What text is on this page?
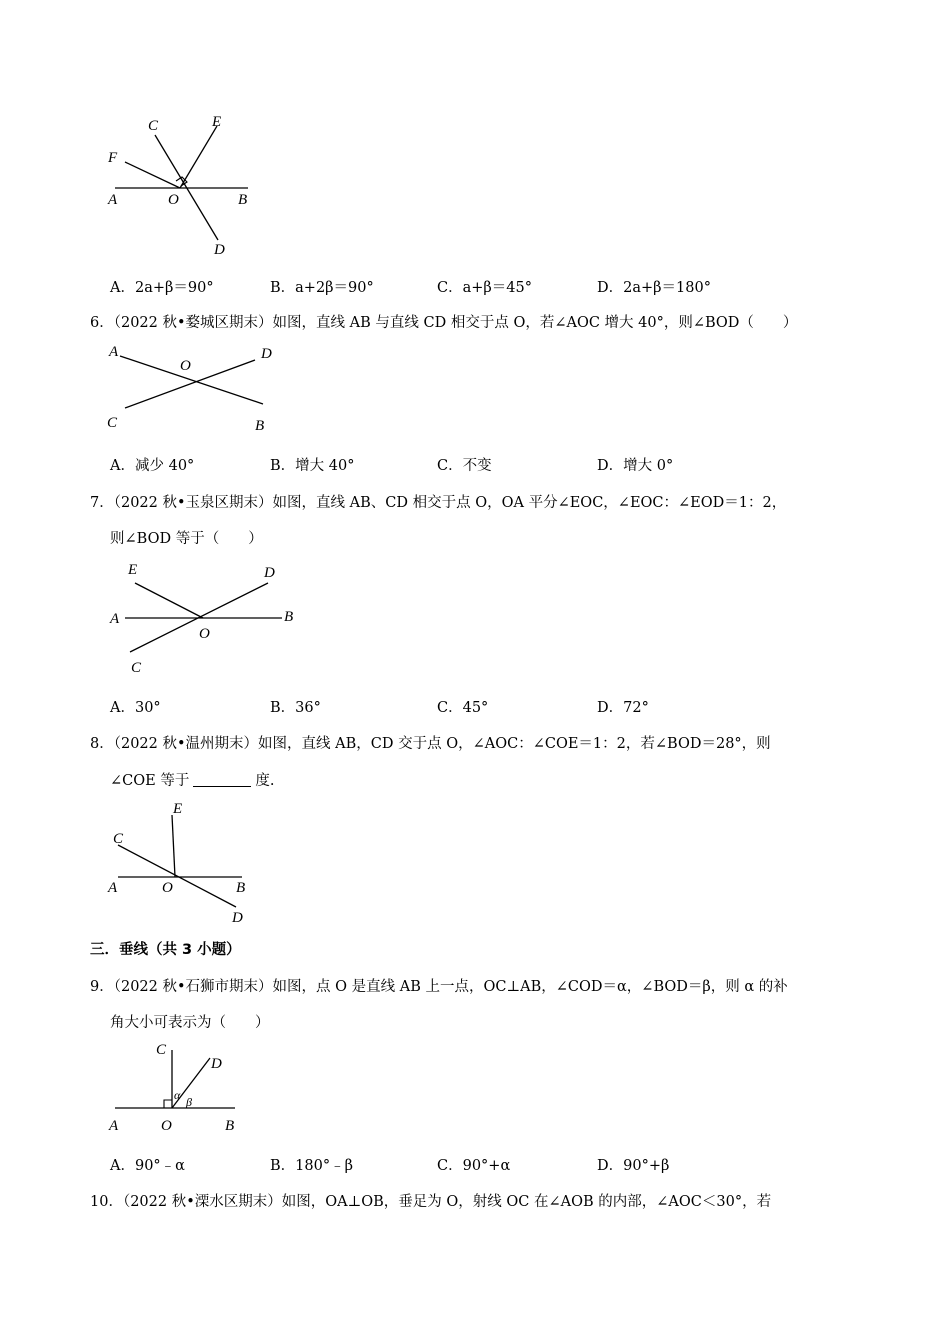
C	E
F
A	O	B
D
A．2a+β＝90°	B．a+2β＝90°	C．a+β＝45°	D．2a+β＝180°
6．（2022 秋•婺城区期末）如图，直线 AB 与直线 CD 相交于点 O，若∠AOC 增大 40°，则∠BOD（　　）
A
O
D
C	B
A．减少 40°	B．增大 40°	C．不变	D．增大 0°
7．（2022 秋•玉泉区期末）如图，直线 AB、CD 相交于点 O，OA 平分∠EOC，∠EOC：∠EOD＝1：2，
则∠BOD 等于（　　）
E	D
A	B
O
C
A．30°	B．36°	C．45°	D．72°
8．（2022 秋•温州期末）如图，直线 AB，CD 交于点 O，∠AOC：∠COE＝1：2，若∠BOD＝28°，则
∠COE 等于	度.
E
C
A	O	B
D
三．垂线（共 3 小题）
9．（2022 秋•石狮市期末）如图，点 O 是直线 AB 上一点，OC⊥AB，∠COD＝α，∠BOD＝β，则 α 的补
角大小可表示为（　　）
C
D
α β
A	O	B
A．90°﹣α	B．180°﹣β	C．90°+α	D．90°+β
10．（2022 秋•溧水区期末）如图，OA⊥OB，垂足为 O，射线 OC 在∠AOB 的内部，∠AOC＜30°，若
